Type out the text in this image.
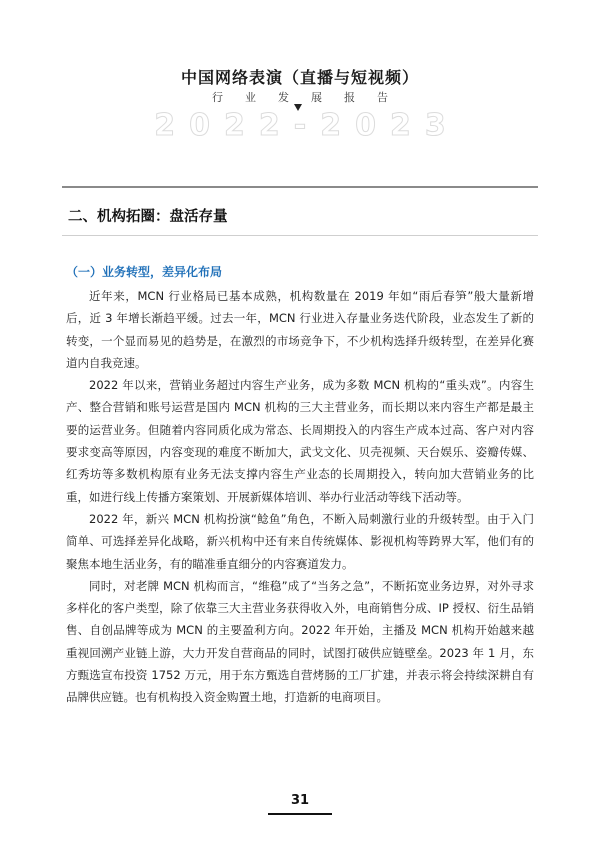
中国网络表演（直播与短视频）
行业发展报告
2022-2023
二、机构拓圈：盘活存量
（一）业务转型，差异化布局

近年来，MCN 行业格局已基本成熟，机构数量在 2019 年如“雨后春笋”般大量新增后，近 3 年增长渐趋平缓。过去一年，MCN 行业进入存量业务迭代阶段，业态发生了新的转变，一个显而易见的趋势是，在激烈的市场竞争下，不少机构选择升级转型，在差异化赛道内自我竞速。

2022 年以来，营销业务超过内容生产业务，成为多数 MCN 机构的“重头戏”。内容生产、整合营销和账号运营是国内 MCN 机构的三大主营业务，而长期以来内容生产都是最主要的运营业务。但随着内容同质化成为常态、长周期投入的内容生产成本过高、客户对内容要求变高等原因，内容变现的难度不断加大，武戈文化、贝壳视频、天台娱乐、姿瓣传媒、红秀坊等多数机构原有业务无法支撑内容生产业态的长周期投入，转向加大营销业务的比重，如进行线上传播方案策划、开展新媒体培训、举办行业活动等线下活动等。

2022 年，新兴 MCN 机构扮演“鲶鱼”角色，不断入局刺激行业的升级转型。由于入门简单、可选择差异化战略，新兴机构中还有来自传统媒体、影视机构等跨界大军，他们有的聚焦本地生活业务，有的瞄准垂直细分的内容赛道发力。

同时，对老牌 MCN 机构而言，“维稳”成了“当务之急”，不断拓宽业务边界，对外寻求多样化的客户类型，除了依靠三大主营业务获得收入外，电商销售分成、IP 授权、衍生品销售、自创品牌等成为 MCN 的主要盈利方向。2022 年开始，主播及 MCN 机构开始越来越重视回溯产业链上游，大力开发自营商品的同时，试图打破供应链壁垒。2023 年 1 月，东方甄选宣布投资 1752 万元，用于东方甄选自营烤肠的工厂扩建，并表示将会持续深耕自有品牌供应链。也有机构投入资金购置土地，打造新的电商项目。

31
